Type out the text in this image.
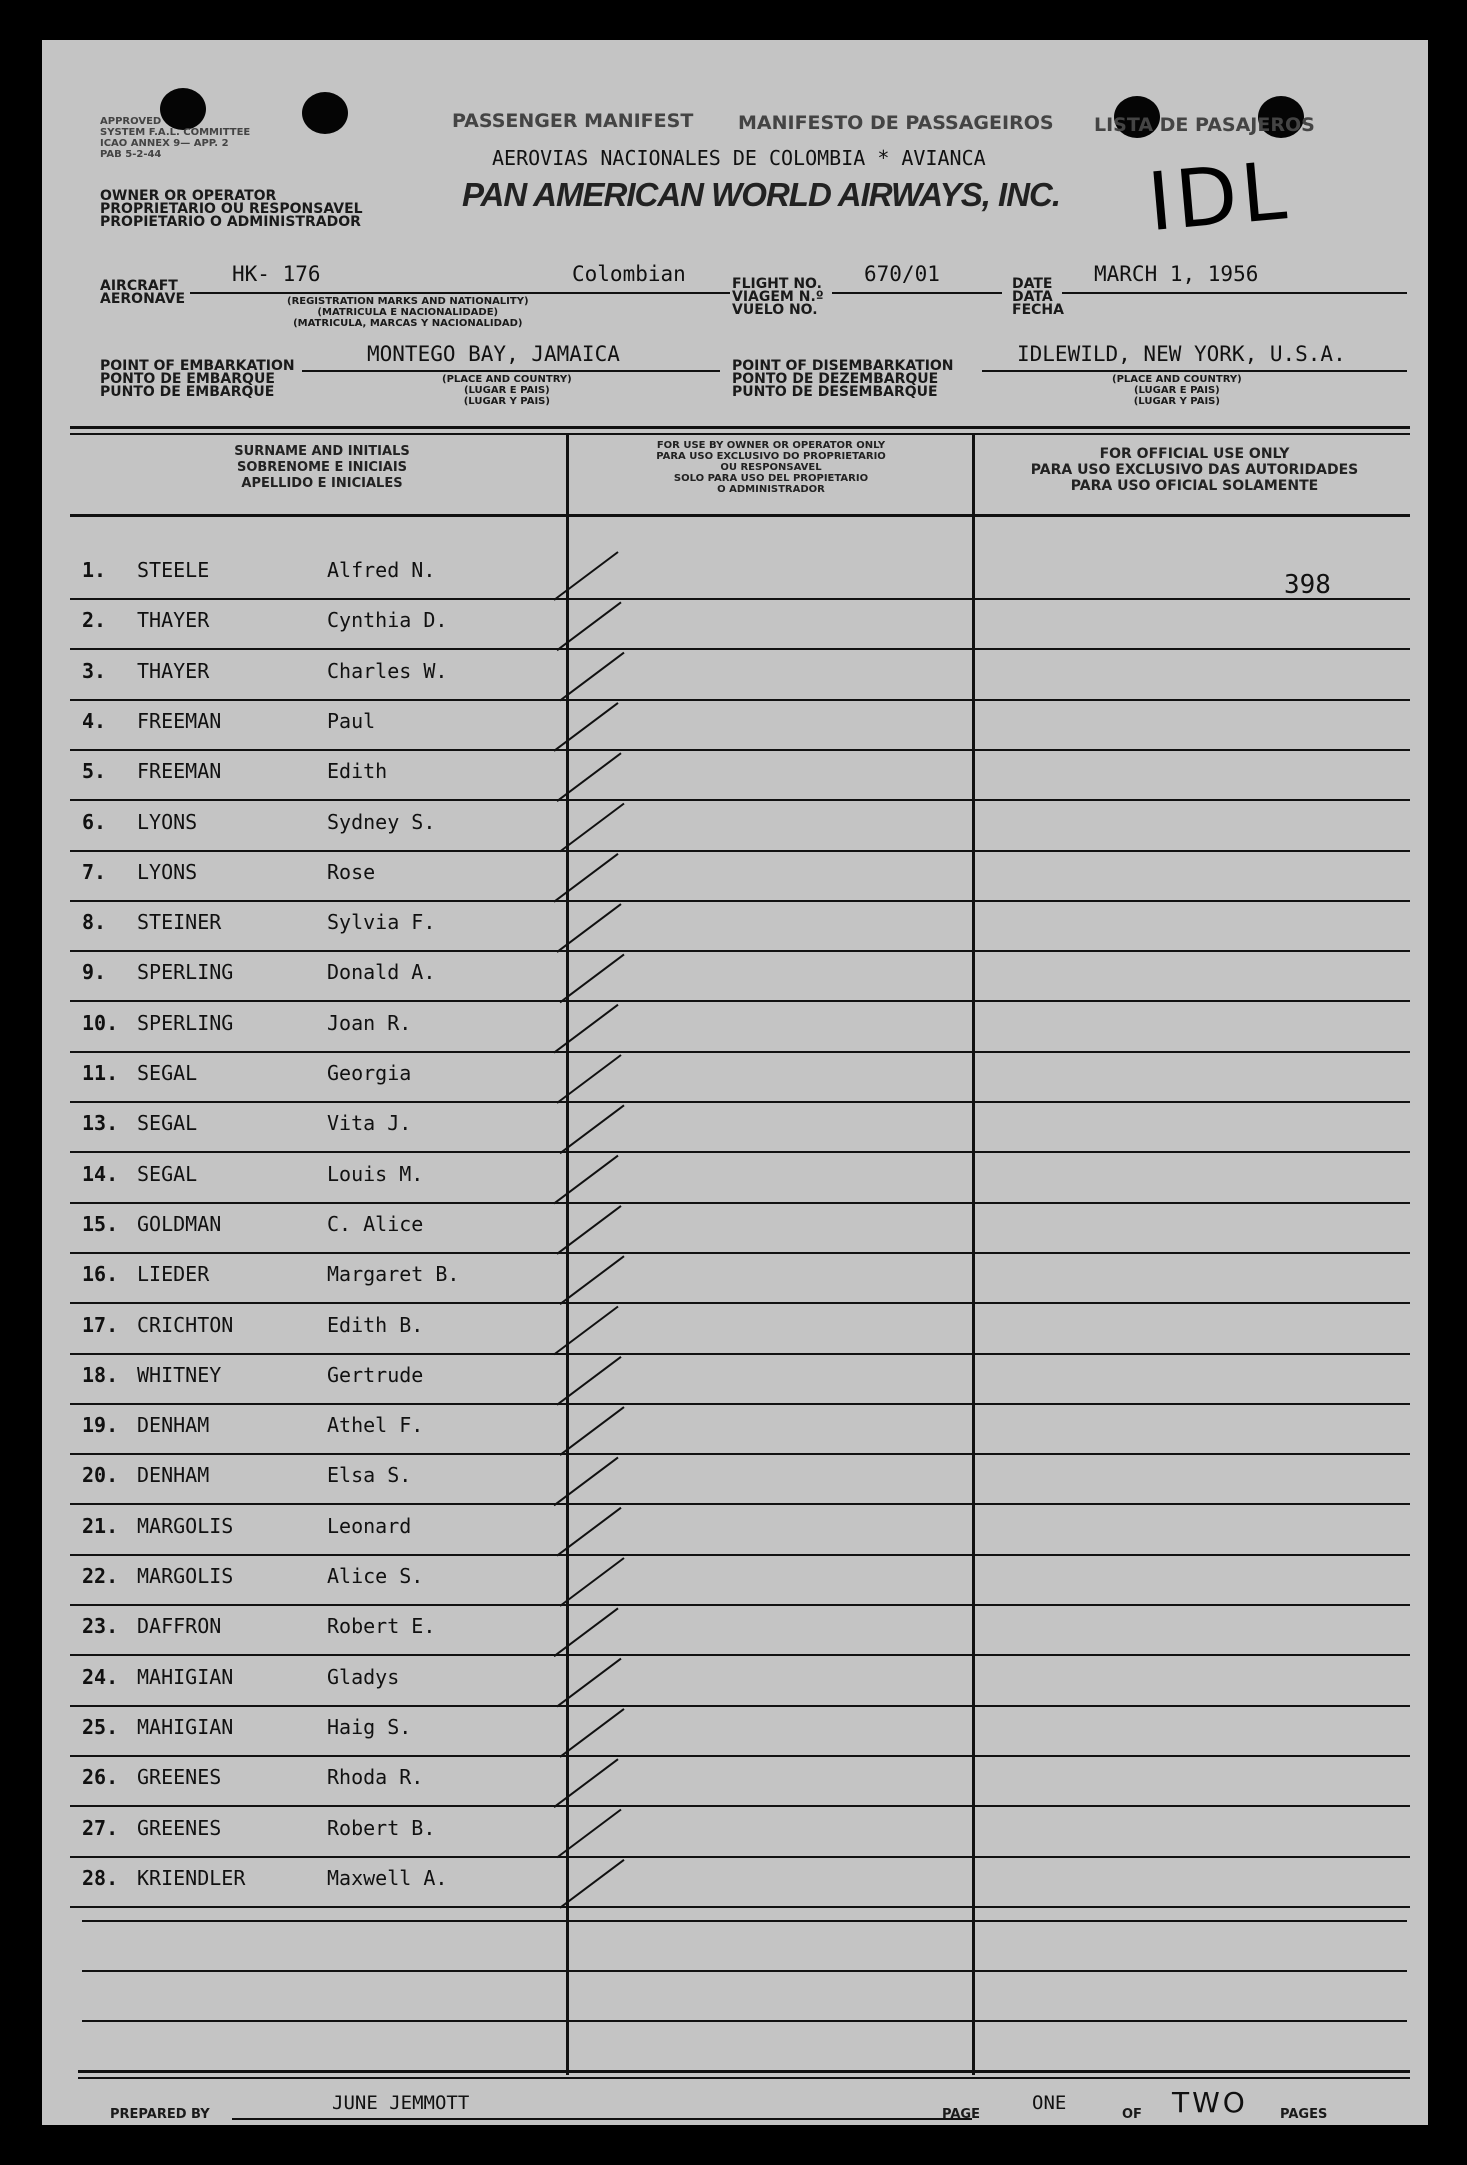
APPROVED
SYSTEM F.A.L. COMMITTEE
ICAO ANNEX 9— APP. 2
PAB 5-2-44
OWNER OR OPERATOR
PROPRIETARIO OU RESPONSAVEL
PROPIETARIO O ADMINISTRADOR
PASSENGER MANIFEST MANIFESTO DE PASSAGEIROS LISTA DE PASAJEROS
AEROVIAS NACIONALES DE COLOMBIA * AVIANCA
PAN AMERICAN WORLD AIRWAYS, INC. IDL
AIRCRAFT
AERONAVE
HK- 176	Colombian
(REGISTRATION MARKS AND NATIONALITY)
(MATRICULA E NACIONALIDADE)
(MATRICULA, MARCAS Y NACIONALIDAD)
FLIGHT NO.
VIAGEM N.º
VUELO NO.
670/01	DATE
DATA
FECHA
MARCH 1, 1956
POINT OF EMBARKATION
PONTO DE EMBARQUE
PUNTO DE EMBARQUE
MONTEGO BAY, JAMAICA
(PLACE AND COUNTRY)
(LUGAR E PAIS)
(LUGAR Y PAIS)
POINT OF DISEMBARKATION
PONTO DE DEZEMBARQUE
PUNTO DE DESEMBARQUE
IDLEWILD, NEW YORK, U.S.A.
(PLACE AND COUNTRY)
(LUGAR E PAIS)
(LUGAR Y PAIS)
SURNAME AND INITIALS
SOBRENOME E INICIAIS
APELLIDO E INICIALES
FOR USE BY OWNER OR OPERATOR ONLY
PARA USO EXCLUSIVO DO PROPRIETARIO
OU RESPONSAVEL
SOLO PARA USO DEL PROPIETARIO
O ADMINISTRADOR
FOR OFFICIAL USE ONLY
PARA USO EXCLUSIVO DAS AUTORIDADES
PARA USO OFICIAL SOLAMENTE
1. STEELE	Alfred N.
2. THAYER	Cynthia D.
3. THAYER	Charles W.
4. FREEMAN	Paul
5. FREEMAN	Edith
6. LYONS	Sydney S.
7. LYONS	Rose
8. STEINER	Sylvia F.
9. SPERLING	Donald A.
10. SPERLING	Joan R.
11. SEGAL	Georgia
13. SEGAL	Vita J.
14. SEGAL	Louis M.
15. GOLDMAN	C. Alice
16. LIEDER	Margaret B.
17. CRICHTON	Edith B.
18. WHITNEY	Gertrude
19. DENHAM	Athel F.
20. DENHAM	Elsa S.
21. MARGOLIS	Leonard
22. MARGOLIS	Alice S.
23. DAFFRON	Robert E.
24. MAHIGIAN	Gladys
25. MAHIGIAN	Haig S.
26. GREENES	Rhoda R.
27. GREENES	Robert B.
28. KRIENDLER	Maxwell A.
398
PREPARED BY
JUNE JEMMOTT
PAGE
ONE
OF TWO PAGES
